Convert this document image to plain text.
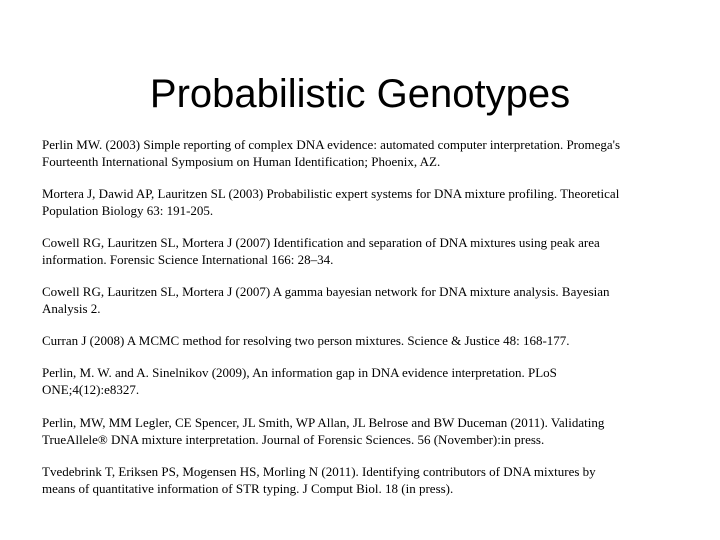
Probabilistic Genotypes
Perlin MW. (2003) Simple reporting of complex DNA evidence: automated computer interpretation. Promega's
Fourteenth International Symposium on Human Identification; Phoenix, AZ.
Mortera J, Dawid AP, Lauritzen SL (2003) Probabilistic expert systems for DNA mixture profiling. Theoretical
Population Biology 63: 191-205.
Cowell RG, Lauritzen SL, Mortera J (2007) Identification and separation of DNA mixtures using peak area
information. Forensic Science International 166: 28–34.
Cowell RG, Lauritzen SL, Mortera J (2007) A gamma bayesian network for DNA mixture analysis. Bayesian
Analysis 2.
Curran J (2008) A MCMC method for resolving two person mixtures. Science & Justice 48: 168-177.
Perlin, M. W. and A. Sinelnikov (2009), An information gap in DNA evidence interpretation. PLoS
ONE;4(12):e8327.
Perlin, MW, MM Legler, CE Spencer, JL Smith, WP Allan, JL Belrose and BW Duceman (2011). Validating
TrueAllele® DNA mixture interpretation. Journal of Forensic Sciences. 56 (November):in press.
Tvedebrink T, Eriksen PS, Mogensen HS, Morling N (2011). Identifying contributors of DNA mixtures by
means of quantitative information of STR typing. J Comput Biol. 18 (in press).
